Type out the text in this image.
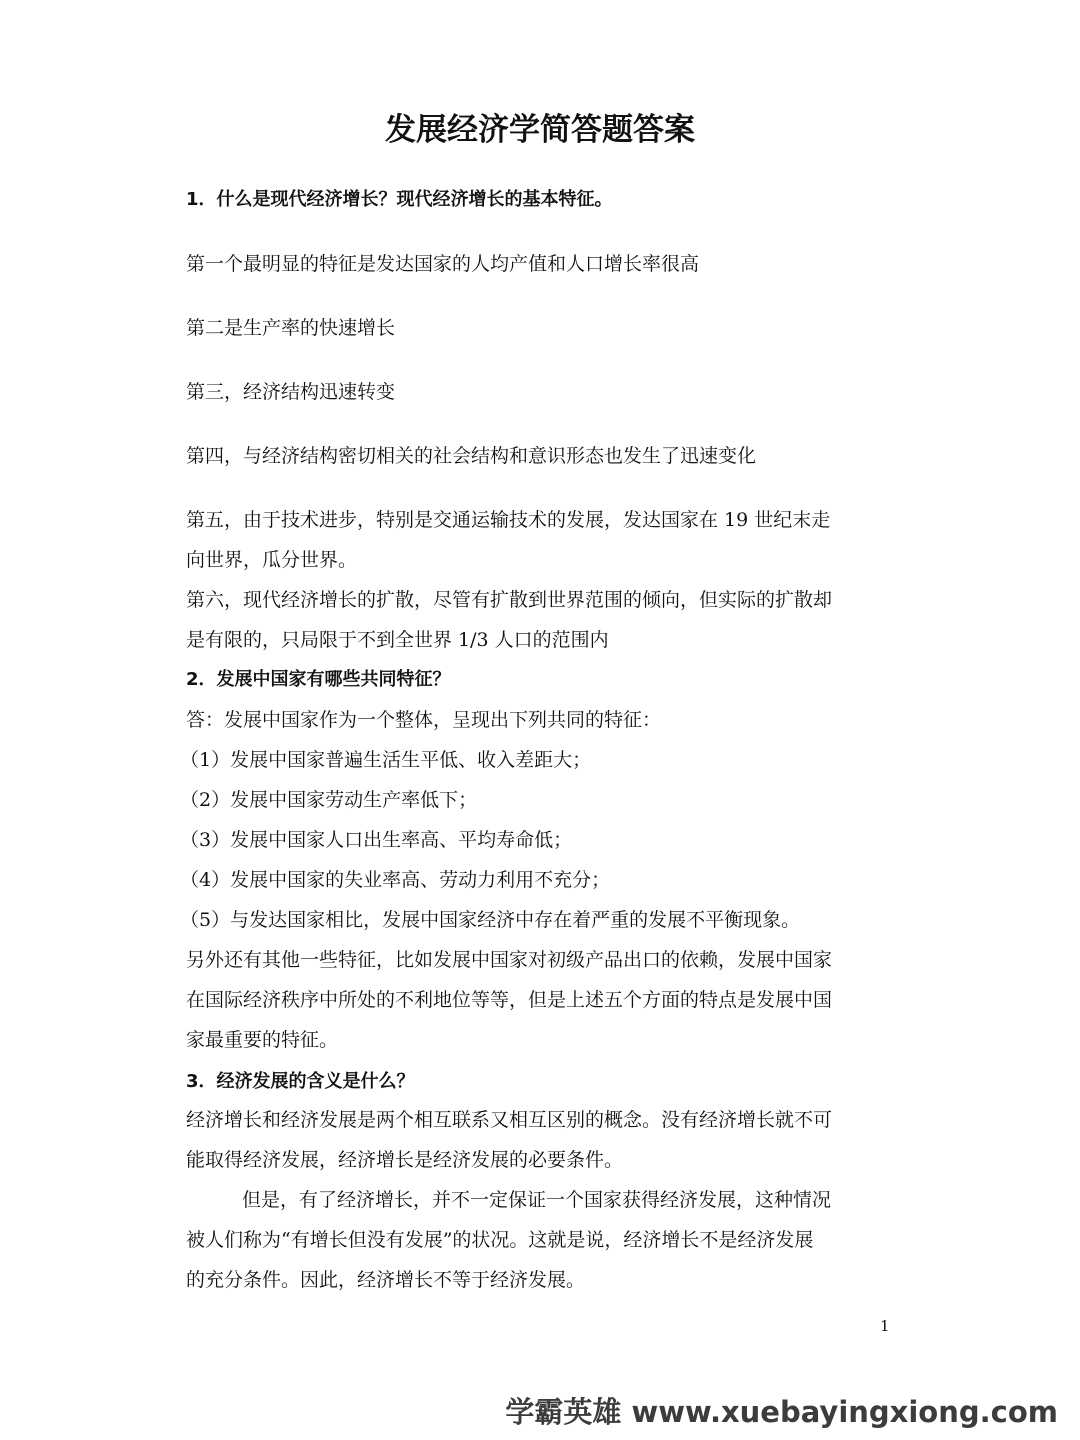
发展经济学简答题答案
1．什么是现代经济增长？现代经济增长的基本特征。
第一个最明显的特征是发达国家的人均产值和人口增长率很高
第二是生产率的快速增长
第三，经济结构迅速转变
第四，与经济结构密切相关的社会结构和意识形态也发生了迅速变化
第五，由于技术进步，特别是交通运输技术的发展，发达国家在 19 世纪末走
向世界，瓜分世界。
第六，现代经济增长的扩散，尽管有扩散到世界范围的倾向，但实际的扩散却
是有限的，只局限于不到全世界 1/3 人口的范围内
2．发展中国家有哪些共同特征？
答：发展中国家作为一个整体，呈现出下列共同的特征：
（1）发展中国家普遍生活生平低、收入差距大；
（2）发展中国家劳动生产率低下；
（3）发展中国家人口出生率高、平均寿命低；
（4）发展中国家的失业率高、劳动力利用不充分；
（5）与发达国家相比，发展中国家经济中存在着严重的发展不平衡现象。
另外还有其他一些特征，比如发展中国家对初级产品出口的依赖，发展中国家
在国际经济秩序中所处的不利地位等等，但是上述五个方面的特点是发展中国
家最重要的特征。
3．经济发展的含义是什么？
经济增长和经济发展是两个相互联系又相互区别的概念。没有经济增长就不可
能取得经济发展，经济增长是经济发展的必要条件。
但是，有了经济增长，并不一定保证一个国家获得经济发展，这种情况
被人们称为“有增长但没有发展”的状况。这就是说，经济增长不是经济发展
的充分条件。因此，经济增长不等于经济发展。
1
学霸英雄 www.xuebayingxiong.com
